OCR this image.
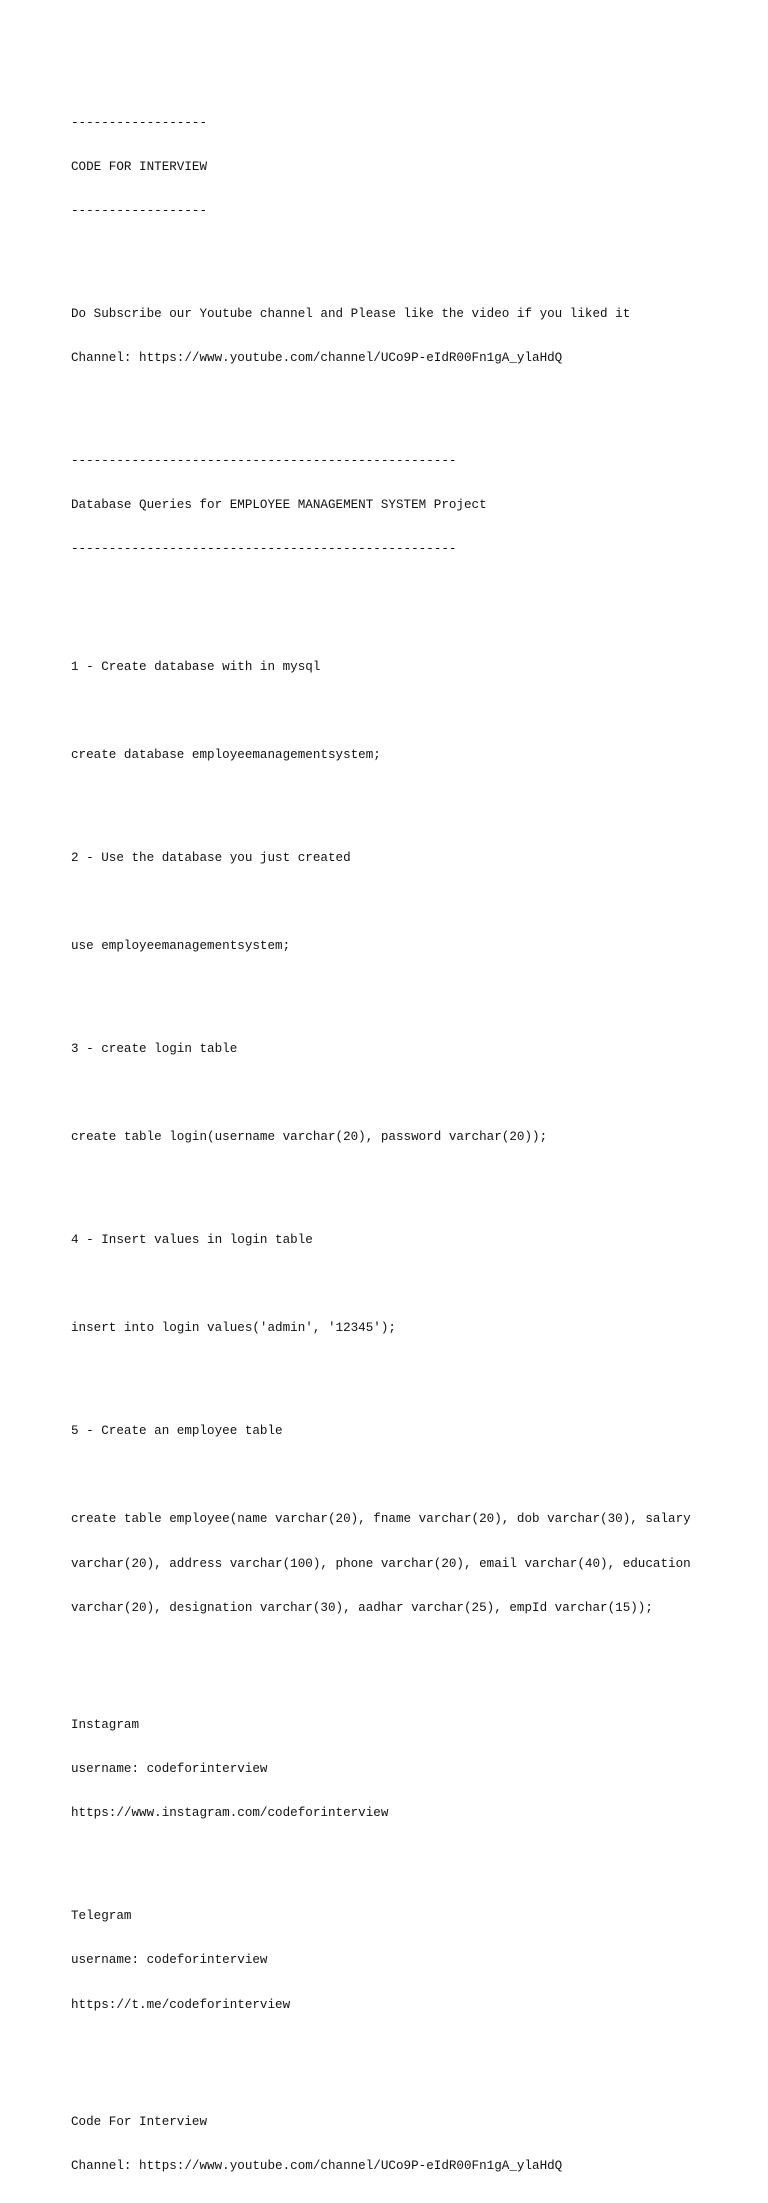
------------------

CODE FOR INTERVIEW

------------------

Do Subscribe our Youtube channel and Please like the video if you liked it

Channel: https://www.youtube.com/channel/UCo9P-eIdR00Fn1gA_ylaHdQ

---------------------------------------------------

Database Queries for EMPLOYEE MANAGEMENT SYSTEM Project

---------------------------------------------------

1 - Create database with in mysql

create database employeemanagementsystem;

2 - Use the database you just created

use employeemanagementsystem;

3 - create login table

create table login(username varchar(20), password varchar(20));

4 - Insert values in login table

insert into login values('admin', '12345');

5 - Create an employee table

create table employee(name varchar(20), fname varchar(20), dob varchar(30), salary

varchar(20), address varchar(100), phone varchar(20), email varchar(40), education

varchar(20), designation varchar(30), aadhar varchar(25), empId varchar(15));

Instagram

username: codeforinterview

https://www.instagram.com/codeforinterview

Telegram

username: codeforinterview

https://t.me/codeforinterview

Code For Interview

Channel: https://www.youtube.com/channel/UCo9P-eIdR00Fn1gA_ylaHdQ
